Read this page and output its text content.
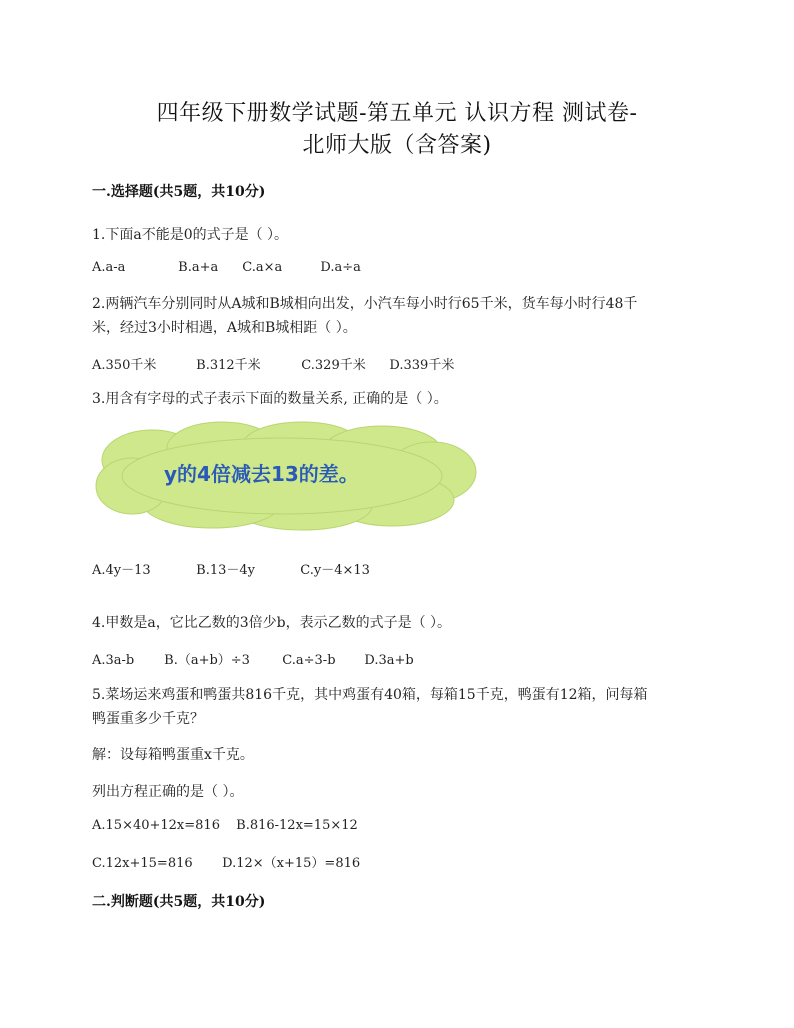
四年级下册数学试题-第五单元 认识方程 测试卷-
北师大版（含答案)
一.选择题(共5题，共10分)
1.下面a不能是0的式子是（ ）。
A.a-a	B.a+a C.a×a	D.a÷a
2.两辆汽车分别同时从A城和B城相向出发，小汽车每小时行65千米，货车每小时行48千
米，经过3小时相遇，A城和B城相距（ ）。
A.350千米	B.312千米	C.329千米 D.339千米
3.用含有字母的式子表示下面的数量关系, 正确的是（ ）。
y的4倍减去13的差。
A.4y－13	B.13－4y	C.y－4×13
4.甲数是a，它比乙数的3倍少b，表示乙数的式子是（ ）。
A.3a-b B.（a+b）÷3 C.a÷3-b D.3a+b
5.菜场运来鸡蛋和鸭蛋共816千克，其中鸡蛋有40箱，每箱15千克，鸭蛋有12箱，问每箱
鸭蛋重多少千克？
解：设每箱鸭蛋重x千克。
列出方程正确的是（ ）。
A.15×40+12x=816 B.816-12x=15×12
C.12x+15=816 D.12×（x+15）=816
二.判断题(共5题，共10分)
